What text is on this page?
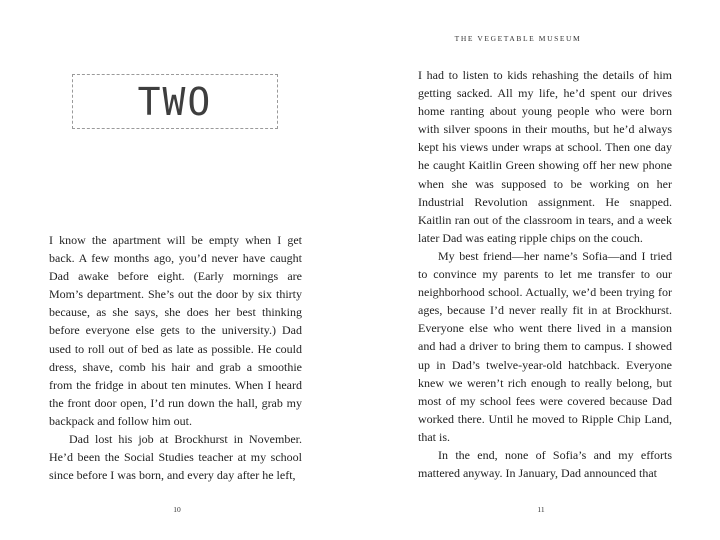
TWO

I know the apartment will be empty when I get back. A few months ago, you’d never have caught Dad awake before eight. (Early mornings are Mom’s department. She’s out the door by six thirty because, as she says, she does her best thinking before everyone else gets to the university.) Dad used to roll out of bed as late as possible. He could dress, shave, comb his hair and grab a smoothie from the fridge in about ten minutes. When I heard the front door open, I’d run down the hall, grab my backpack and follow him out.

Dad lost his job at Brockhurst in November. He’d been the Social Studies teacher at my school since before I was born, and every day after he left,

10
THE VEGETABLE MUSEUM

I had to listen to kids rehashing the details of him getting sacked. All my life, he’d spent our drives home ranting about young people who were born with silver spoons in their mouths, but he’d always kept his views under wraps at school. Then one day he caught Kaitlin Green showing off her new phone when she was supposed to be working on her Industrial Revolution assignment. He snapped. Kaitlin ran out of the classroom in tears, and a week later Dad was eating ripple chips on the couch.

My best friend—her name’s Sofia—and I tried to convince my parents to let me transfer to our neighborhood school. Actually, we’d been trying for ages, because I’d never really fit in at Brockhurst. Everyone else who went there lived in a mansion and had a driver to bring them to campus. I showed up in Dad’s twelve-year-old hatchback. Everyone knew we weren’t rich enough to really belong, but most of my school fees were covered because Dad worked there. Until he moved to Ripple Chip Land, that is.

In the end, none of Sofia’s and my efforts mattered anyway. In January, Dad announced that

11
